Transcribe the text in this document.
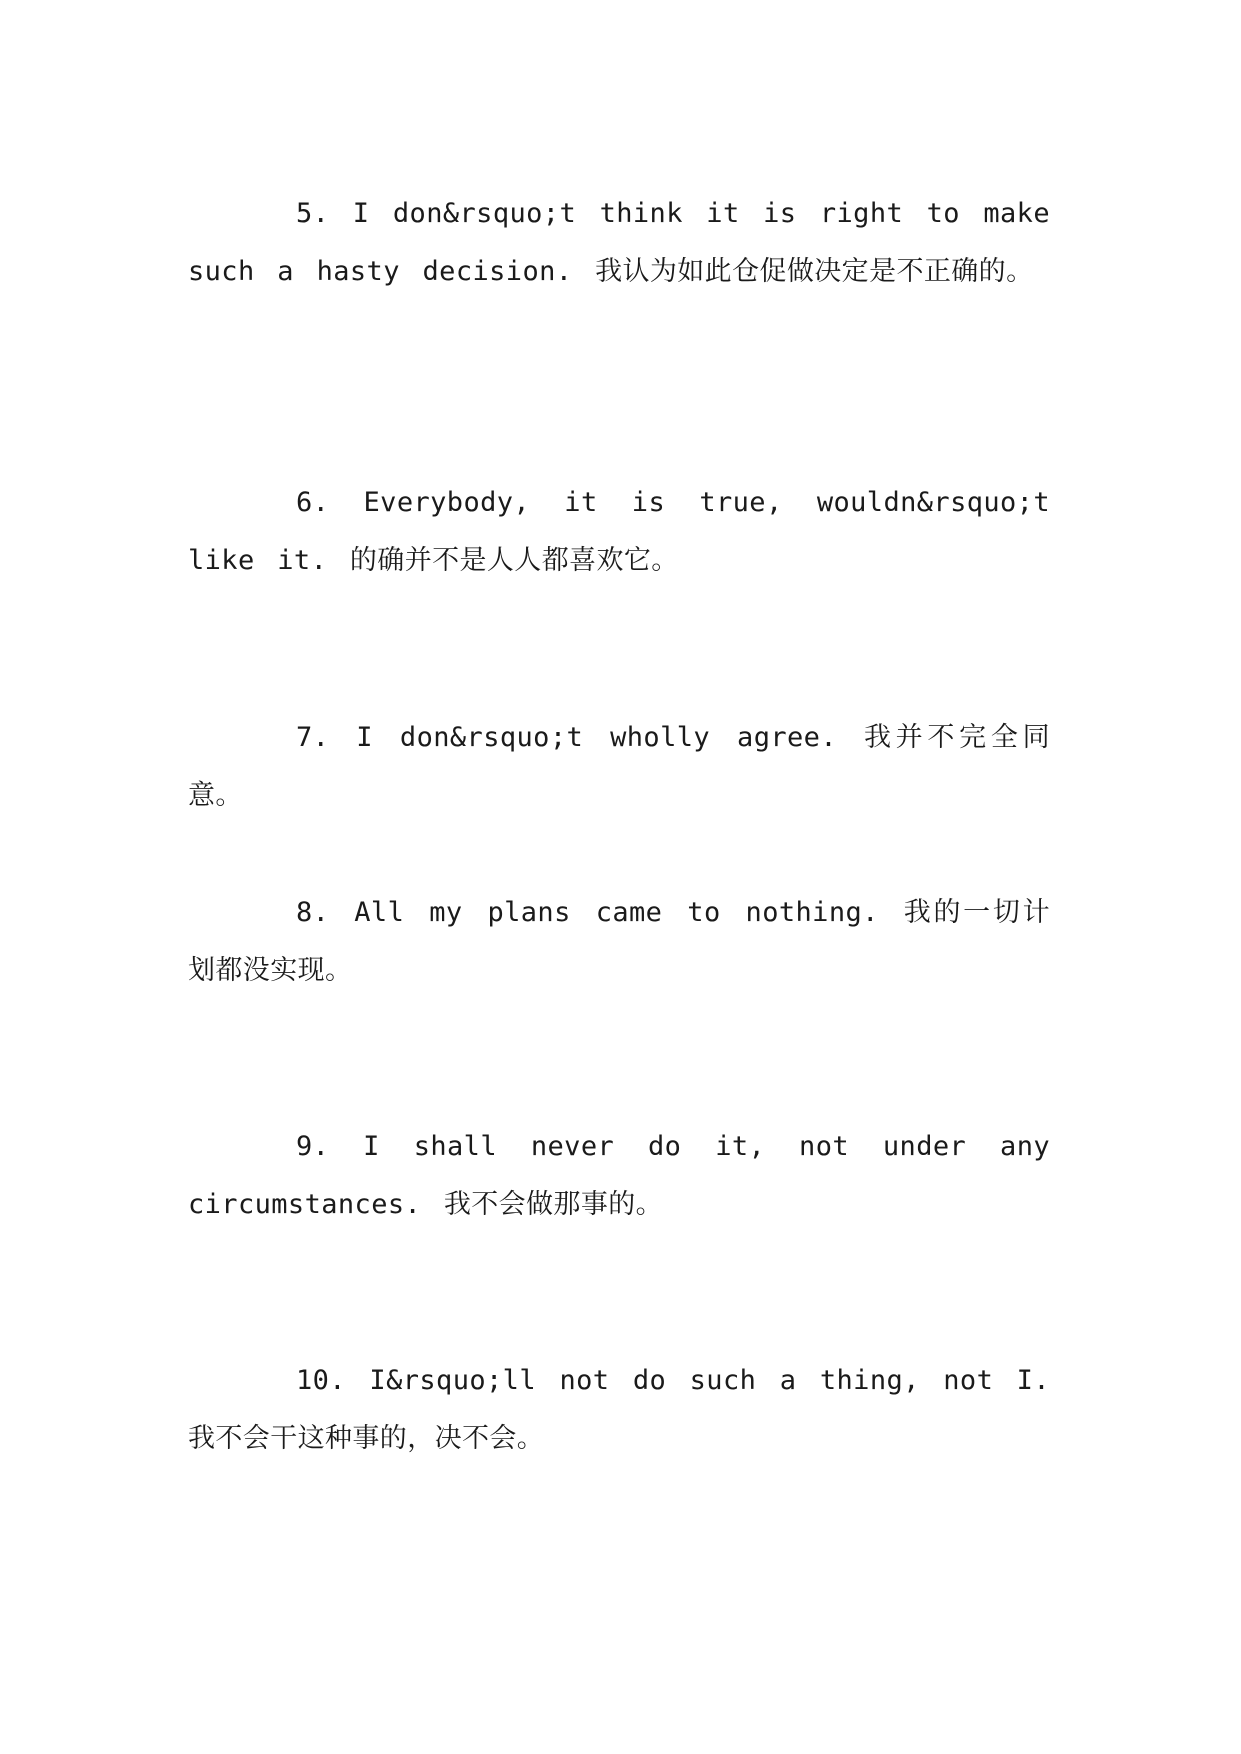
5. I don&rsquo;t think it is right to make such a hasty decision. 我认为如此仓促做决定是不正确的。

6. Everybody, it is true, wouldn&rsquo;t like it. 的确并不是人人都喜欢它。

7. I don&rsquo;t wholly agree. 我并不完全同意。

8. All my plans came to nothing. 我的一切计划都没实现。

9. I shall never do it, not under any circumstances. 我不会做那事的。

10. I&rsquo;ll not do such a thing, not I. 我不会干这种事的，决不会。
